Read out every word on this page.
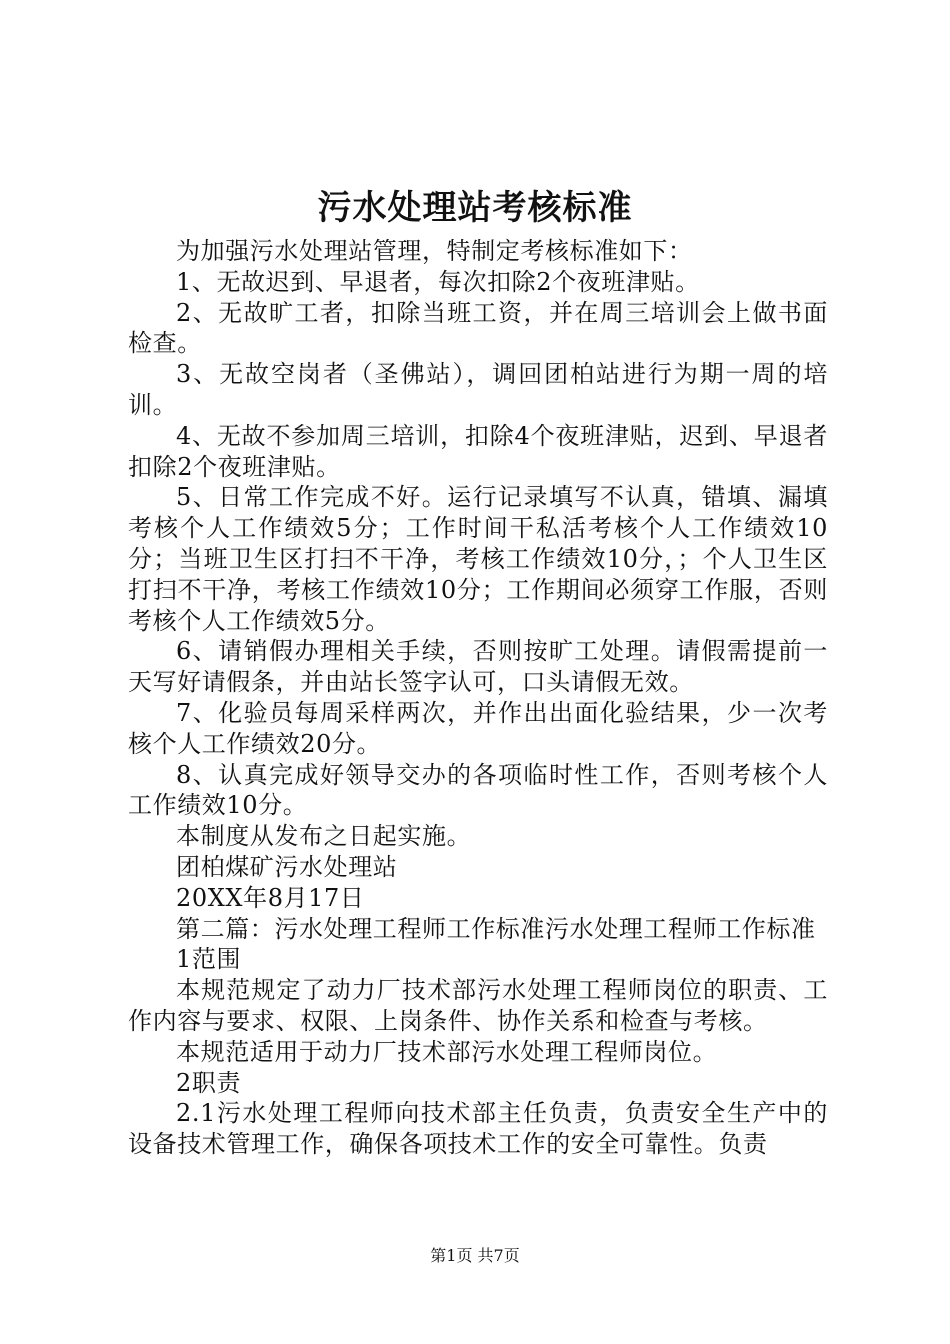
污水处理站考核标准

为加强污水处理站管理，特制定考核标准如下：

1、无故迟到、早退者，每次扣除2个夜班津贴。

2、无故旷工者，扣除当班工资，并在周三培训会上做书面检查。

3、无故空岗者（圣佛站），调回团柏站进行为期一周的培训。

4、无故不参加周三培训，扣除4个夜班津贴，迟到、早退者扣除2个夜班津贴。

5、日常工作完成不好。运行记录填写不认真，错填、漏填考核个人工作绩效5分；工作时间干私活考核个人工作绩效10分；当班卫生区打扫不干净，考核工作绩效10分，；个人卫生区打扫不干净，考核工作绩效10分；工作期间必须穿工作服，否则考核个人工作绩效5分。

6、请销假办理相关手续，否则按旷工处理。请假需提前一天写好请假条，并由站长签字认可，口头请假无效。

7、化验员每周采样两次，并作出出面化验结果，少一次考核个人工作绩效20分。

8、认真完成好领导交办的各项临时性工作，否则考核个人工作绩效10分。

本制度从发布之日起实施。

团柏煤矿污水处理站

20XX年8月17日

第二篇：污水处理工程师工作标准污水处理工程师工作标准

1范围

本规范规定了动力厂技术部污水处理工程师岗位的职责、工作内容与要求、权限、上岗条件、协作关系和检查与考核。

本规范适用于动力厂技术部污水处理工程师岗位。

2职责

2.1污水处理工程师向技术部主任负责，负责安全生产中的设备技术管理工作，确保各项技术工作的安全可靠性。负责

第1页 共7页
